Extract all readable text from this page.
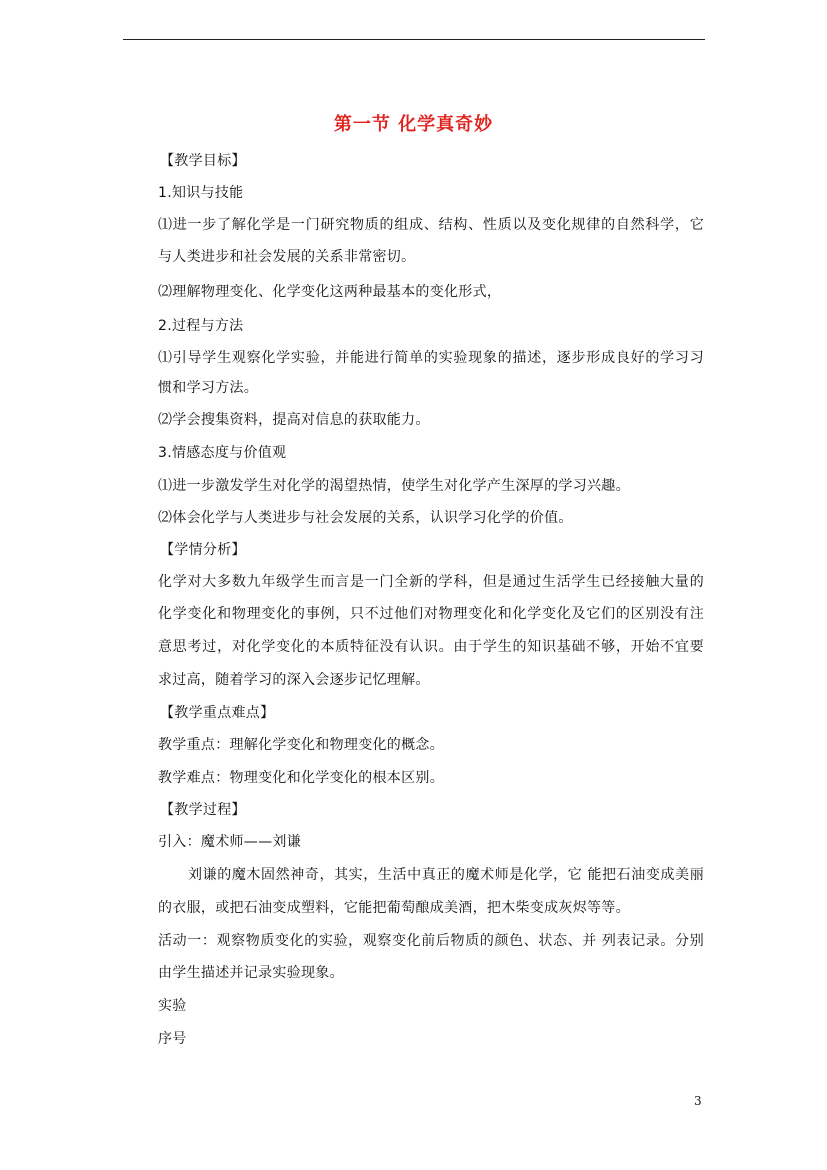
第一节 化学真奇妙
【教学目标】
1.知识与技能
⑴进一步了解化学是一门研究物质的组成、结构、性质以及变化规律的自然科学，它
与人类进步和社会发展的关系非常密切。
⑵理解物理变化、化学变化这两种最基本的变化形式，
2.过程与方法
⑴引导学生观察化学实验，并能进行简单的实验现象的描述，逐步形成良好的学习习
惯和学习方法。
⑵学会搜集资料，提高对信息的获取能力。
3.情感态度与价值观
⑴进一步激发学生对化学的渴望热情，使学生对化学产生深厚的学习兴趣。
⑵体会化学与人类进步与社会发展的关系，认识学习化学的价值。
【学情分析】
化学对大多数九年级学生而言是一门全新的学科，但是通过生活学生已经接触大量的
化学变化和物理变化的事例，只不过他们对物理变化和化学变化及它们的区别没有注
意思考过，对化学变化的本质特征没有认识。由于学生的知识基础不够，开始不宜要
求过高，随着学习的深入会逐步记忆理解。
【教学重点难点】
教学重点：理解化学变化和物理变化的概念。
教学难点：物理变化和化学变化的根本区别。
【教学过程】
引入：魔术师——刘谦
刘谦的魔木固然神奇，其实，生活中真正的魔术师是化学，它 能把石油变成美丽
的衣服，或把石油变成塑料，它能把葡萄酿成美酒，把木柴变成灰烬等等。
活动一：观察物质变化的实验，观察变化前后物质的颜色、状态、并 列表记录。分别
由学生描述并记录实验现象。
实验
序号
3
